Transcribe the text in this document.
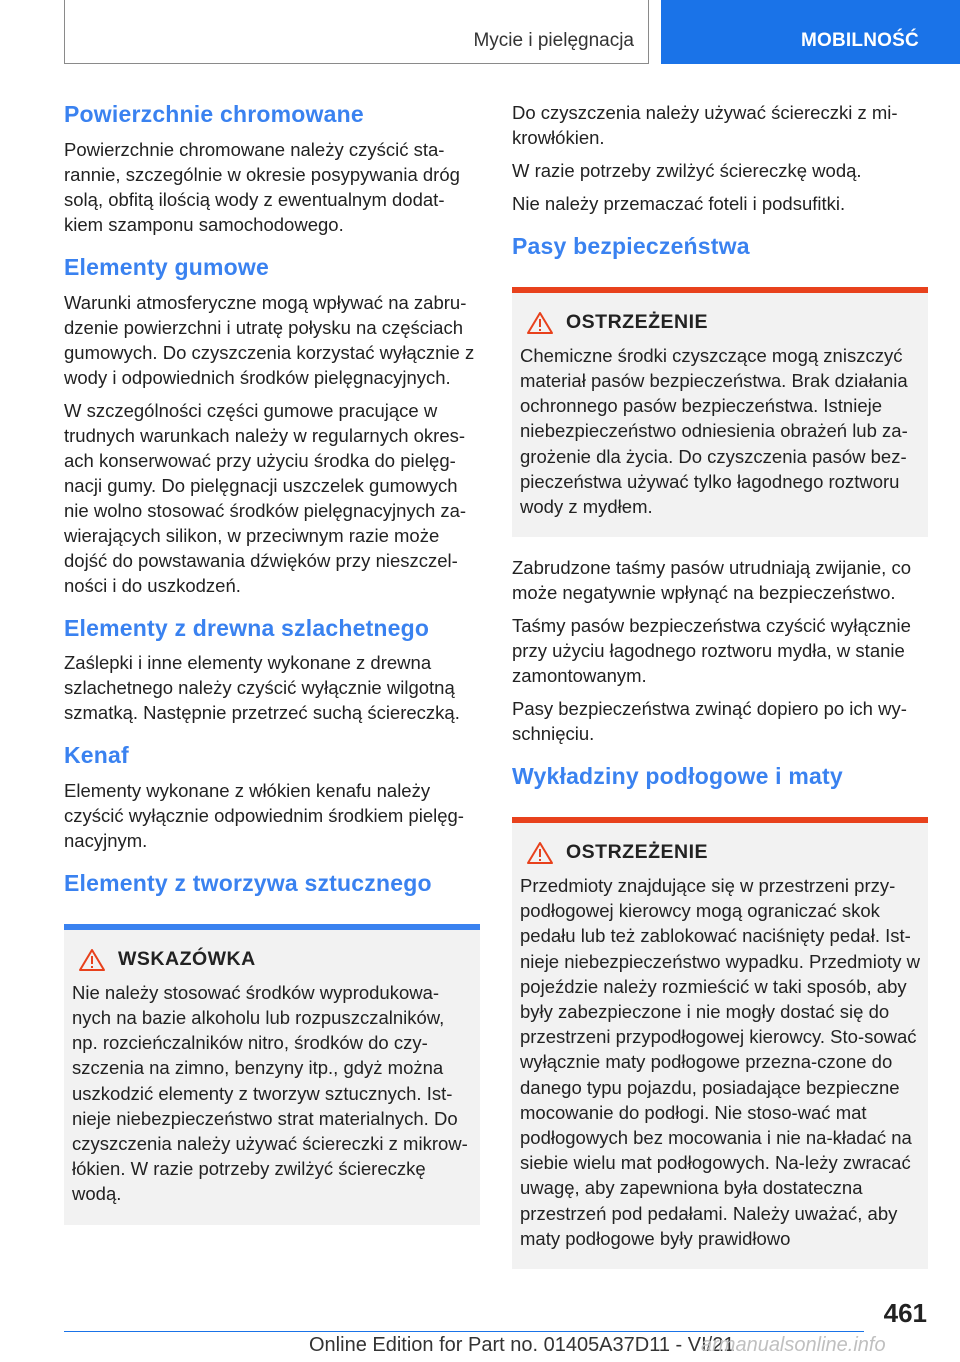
Mycie i pielęgnacja	MOBILNOŚĆ
Powierzchnie chromowane

Powierzchnie chromowane należy czyścić sta-rannie, szczególnie w okresie posypywania dróg solą, obfitą ilością wody z ewentualnym dodat-kiem szamponu samochodowego.

Elementy gumowe

Warunki atmosferyczne mogą wpływać na zabru-dzenie powierzchni i utratę połysku na częściach gumowych. Do czyszczenia korzystać wyłącznie z wody i odpowiednich środków pielęgnacyjnych.

W szczególności części gumowe pracujące w trudnych warunkach należy w regularnych okres-ach konserwować przy użyciu środka do pielęg-nacji gumy. Do pielęgnacji uszczelek gumowych nie wolno stosować środków pielęgnacyjnych za-wierających silikon, w przeciwnym razie może dojść do powstawania dźwięków przy nieszczel-ności i do uszkodzeń.

Elementy z drewna szlachetnego

Zaślepki i inne elementy wykonane z drewna szlachetnego należy czyścić wyłącznie wilgotną szmatką. Następnie przetrzeć suchą ściereczką.

Kenaf

Elementy wykonane z włókien kenafu należy czyścić wyłącznie odpowiednim środkiem pielęg-nacyjnym.

Elementy z tworzywa sztucznego
WSKAZÓWKA

Nie należy stosować środków wyprodukowa-nych na bazie alkoholu lub rozpuszczalników, np. rozcieńczalników nitro, środków do czy-szczenia na zimno, benzyny itp., gdyż można uszkodzić elementy z tworzyw sztucznych. Ist-nieje niebezpieczeństwo strat materialnych. Do czyszczenia należy używać ściereczki z mikrow-łókien. W razie potrzeby zwilżyć ściereczkę wodą.

Do czyszczenia należy używać ściereczki z mi-krowłókien.

W razie potrzeby zwilżyć ściereczkę wodą.

Nie należy przemaczać foteli i podsufitki.

Pasy bezpieczeństwa
OSTRZEŻENIE

Chemiczne środki czyszczące mogą zniszczyć materiał pasów bezpieczeństwa. Brak działania ochronnego pasów bezpieczeństwa. Istnieje niebezpieczeństwo odniesienia obrażeń lub za-grożenie dla życia. Do czyszczenia pasów bez-pieczeństwa używać tylko łagodnego roztworu wody z mydłem.

Zabrudzone taśmy pasów utrudniają zwijanie, co może negatywnie wpłynąć na bezpieczeństwo.

Taśmy pasów bezpieczeństwa czyścić wyłącznie przy użyciu łagodnego roztworu mydła, w stanie zamontowanym.

Pasy bezpieczeństwa zwinąć dopiero po ich wy-schnięciu.

Wykładziny podłogowe i maty
OSTRZEŻENIE

Przedmioty znajdujące się w przestrzeni przy-podłogowej kierowcy mogą ograniczać skok pedału lub też zablokować naciśnięty pedał. Ist-nieje niebezpieczeństwo wypadku. Przedmioty w pojeździe należy rozmieścić w taki sposób, aby były zabezpieczone i nie mogły dostać się do przestrzeni przypodłogowej kierowcy. Sto-sować wyłącznie maty podłogowe przezna-czone do danego typu pojazdu, posiadające bezpieczne mocowanie do podłogi. Nie stoso-wać mat podłogowych bez mocowania i nie na-kładać na siebie wielu mat podłogowych. Na-leży zwracać uwagę, aby zapewniona była dostateczna przestrzeń pod pedałami. Należy uważać, aby maty podłogowe były prawidłowo

461
Online Edition for Part no. 01405A37D11 - VI/21
armanualsonline.info
